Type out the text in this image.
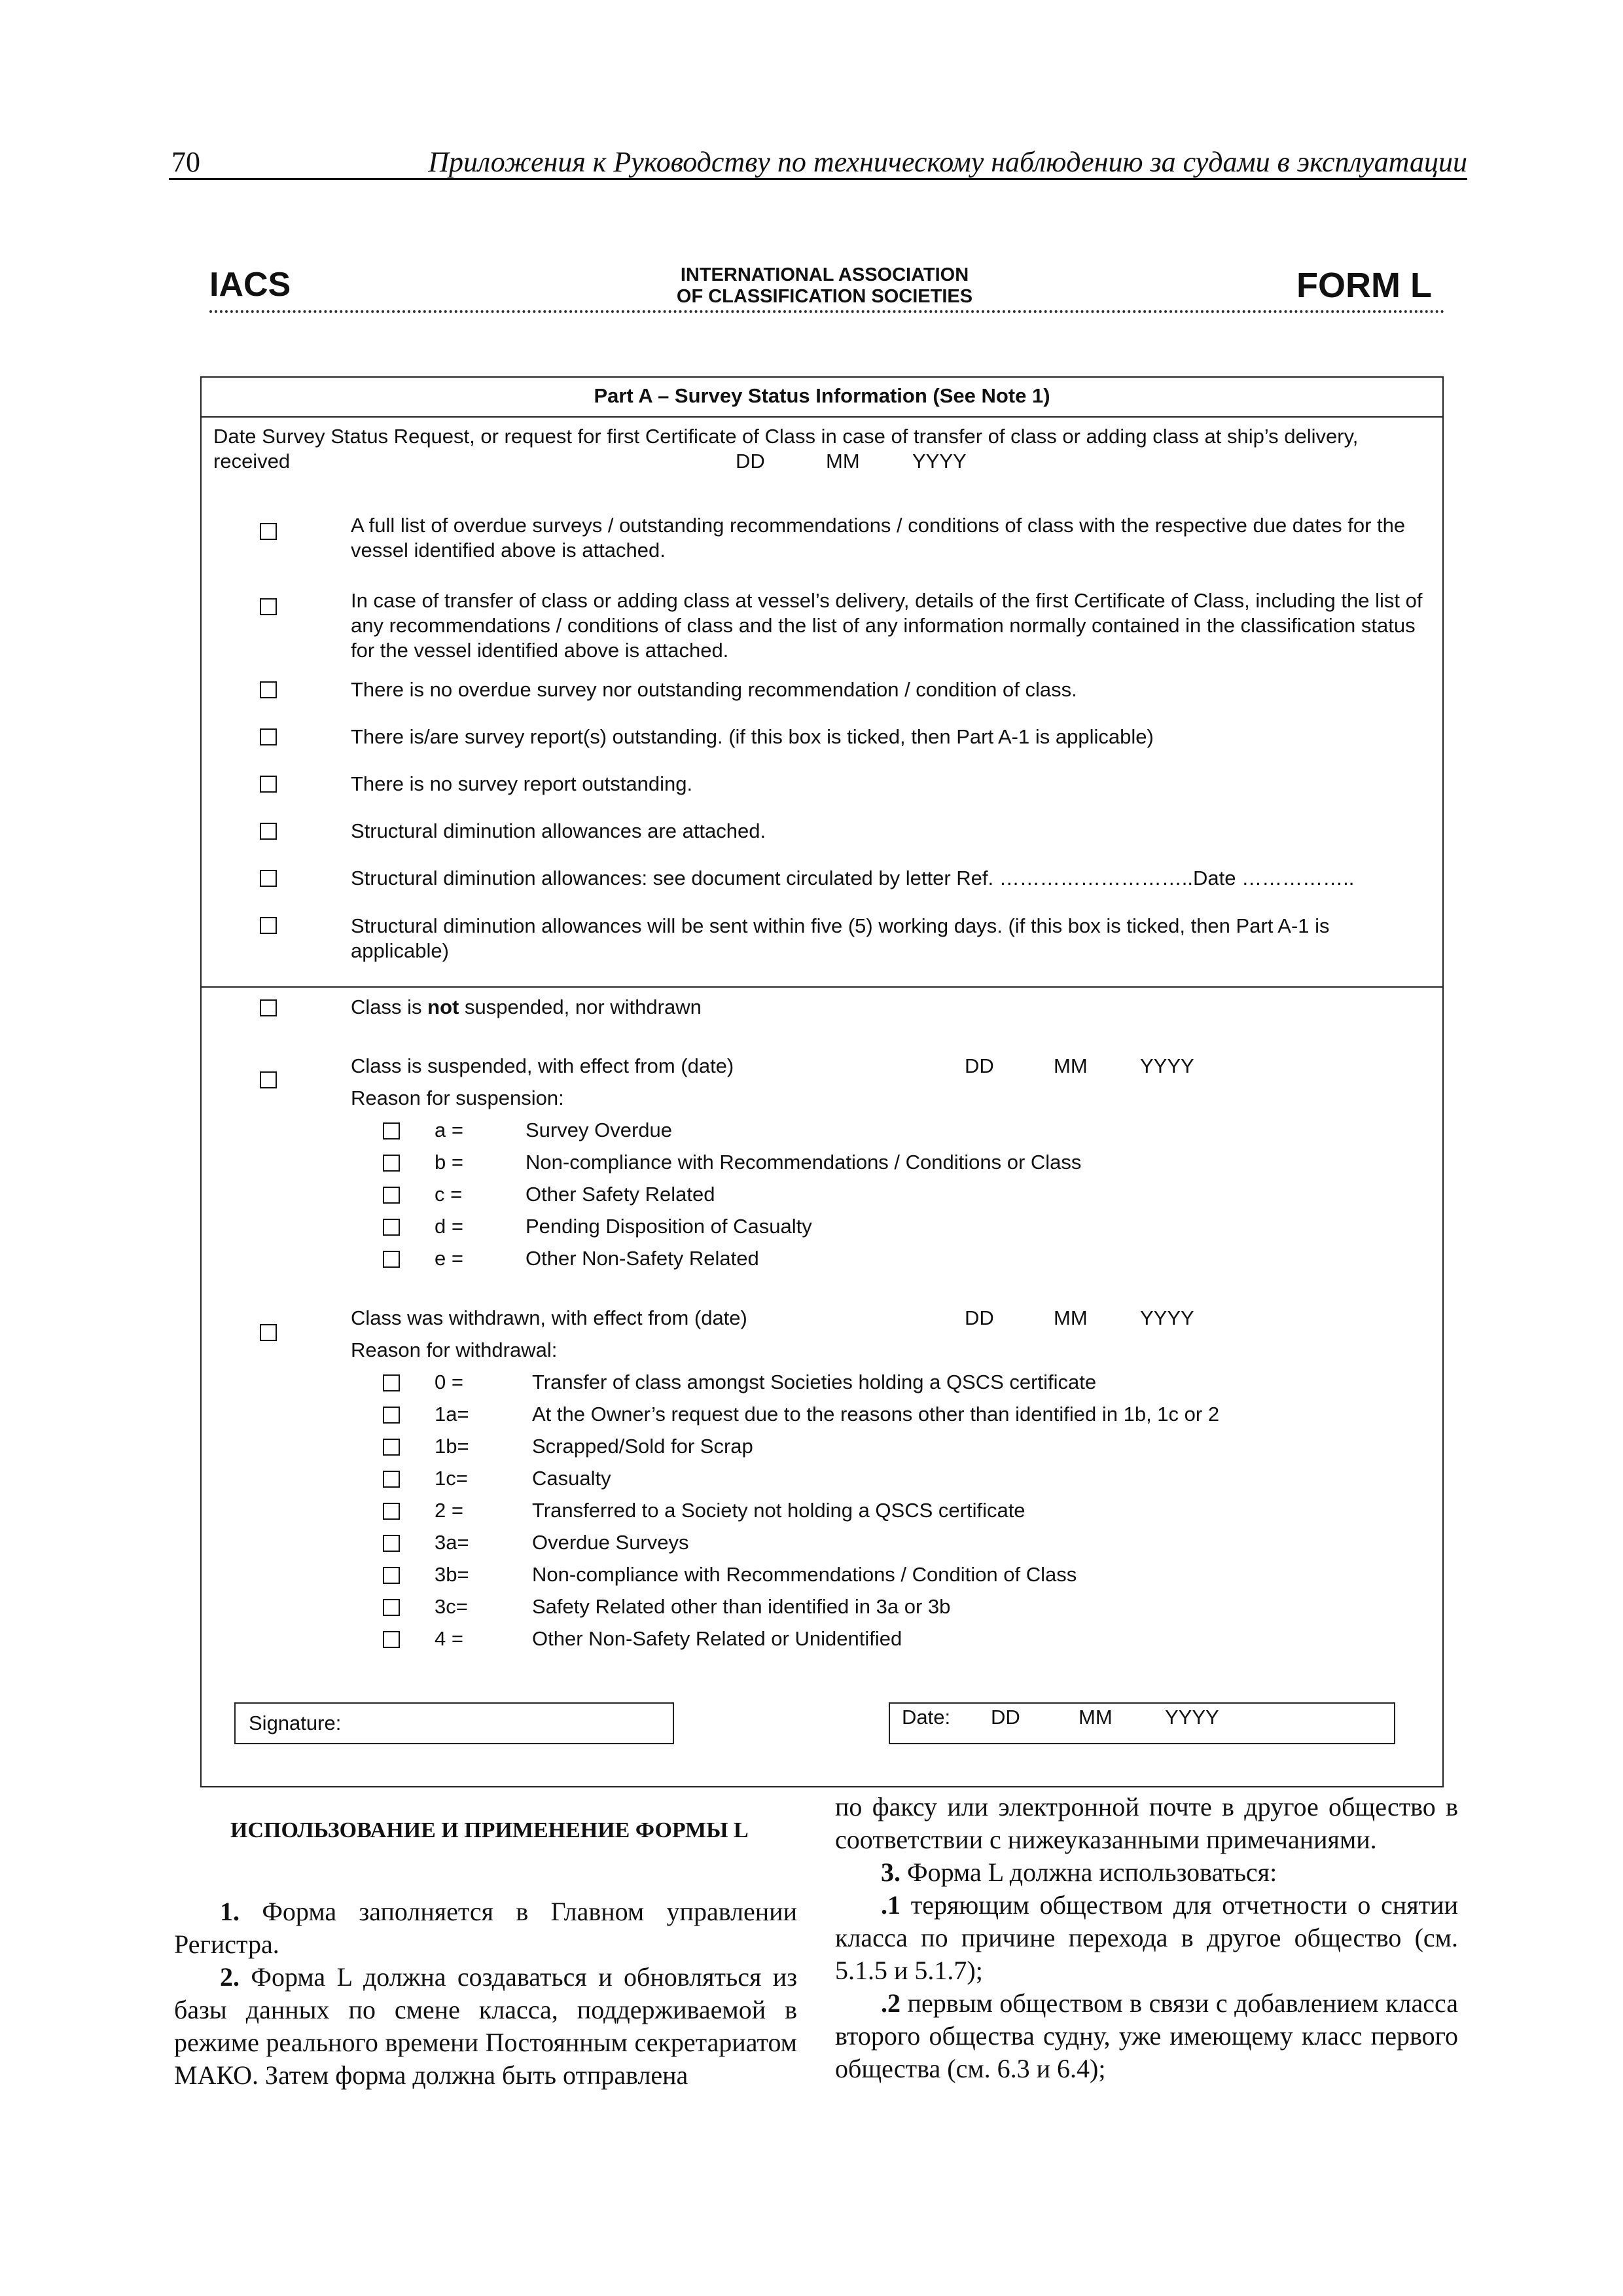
70	Приложения к Руководству по техническому наблюдению за судами в эксплуатации
IACS	INTERNATIONAL ASSOCIATION
OF CLASSIFICATION SOCIETIES	FORM L
Part A – Survey Status Information (See Note 1)
Date Survey Status Request, or request for first Certificate of Class in case of transfer of class or adding class at ship’s delivery, received	DD	MM	YYYY
A full list of overdue surveys / outstanding recommendations / conditions of class with the respective due dates for the vessel identified above is attached.
In case of transfer of class or adding class at vessel’s delivery, details of the first Certificate of Class, including the list of any recommendations / conditions of class and the list of any information normally contained in the classification status for the vessel identified above is attached.
There is no overdue survey nor outstanding recommendation / condition of class.
There is/are survey report(s) outstanding. (if this box is ticked, then Part A-1 is applicable)
There is no survey report outstanding.
Structural diminution allowances are attached.
Structural diminution allowances: see document circulated by letter Ref. ………………………..Date ……………..
Structural diminution allowances will be sent within five (5) working days. (if this box is ticked, then Part A-1 is applicable)
Class is not suspended, nor withdrawn
Class is suspended, with effect from (date)	DD	MM	YYYY
Reason for suspension:
a =	Survey Overdue
b =	Non-compliance with Recommendations / Conditions or Class
c =	Other Safety Related
d =	Pending Disposition of Casualty
e =	Other Non-Safety Related
Class was withdrawn, with effect from (date)	DD	MM	YYYY
Reason for withdrawal:
0 =	Transfer of class amongst Societies holding a QSCS certificate
1a=	At the Owner’s request due to the reasons other than identified in 1b, 1c or 2
1b=	Scrapped/Sold for Scrap
1c=	Casualty
2 =	Transferred to a Society not holding a QSCS certificate
3a=	Overdue Surveys
3b=	Non-compliance with Recommendations / Condition of Class
3c=	Safety Related other than identified in 3a or 3b
4 =	Other Non-Safety Related or Unidentified
Signature:	Date: DD	MM	YYYY
ИСПОЛЬЗОВАНИЕ И ПРИМЕНЕНИЕ ФОРМЫ L
1. Форма заполняется в Главном управлении Регистра.
2. Форма L должна создаваться и обновляться из базы данных по смене класса, поддерживаемой в режиме реального времени Постоянным секретариатом МАКО. Затем форма должна быть отправлена
по факсу или электронной почте в другое общество в соответствии с нижеуказанными примечаниями.
3. Форма L должна использоваться:
.1 теряющим обществом для отчетности о снятии класса по причине перехода в другое общество (см. 5.1.5 и 5.1.7);
.2 первым обществом в связи с добавлением класса второго общества судну, уже имеющему класс первого общества (см. 6.3 и 6.4);
